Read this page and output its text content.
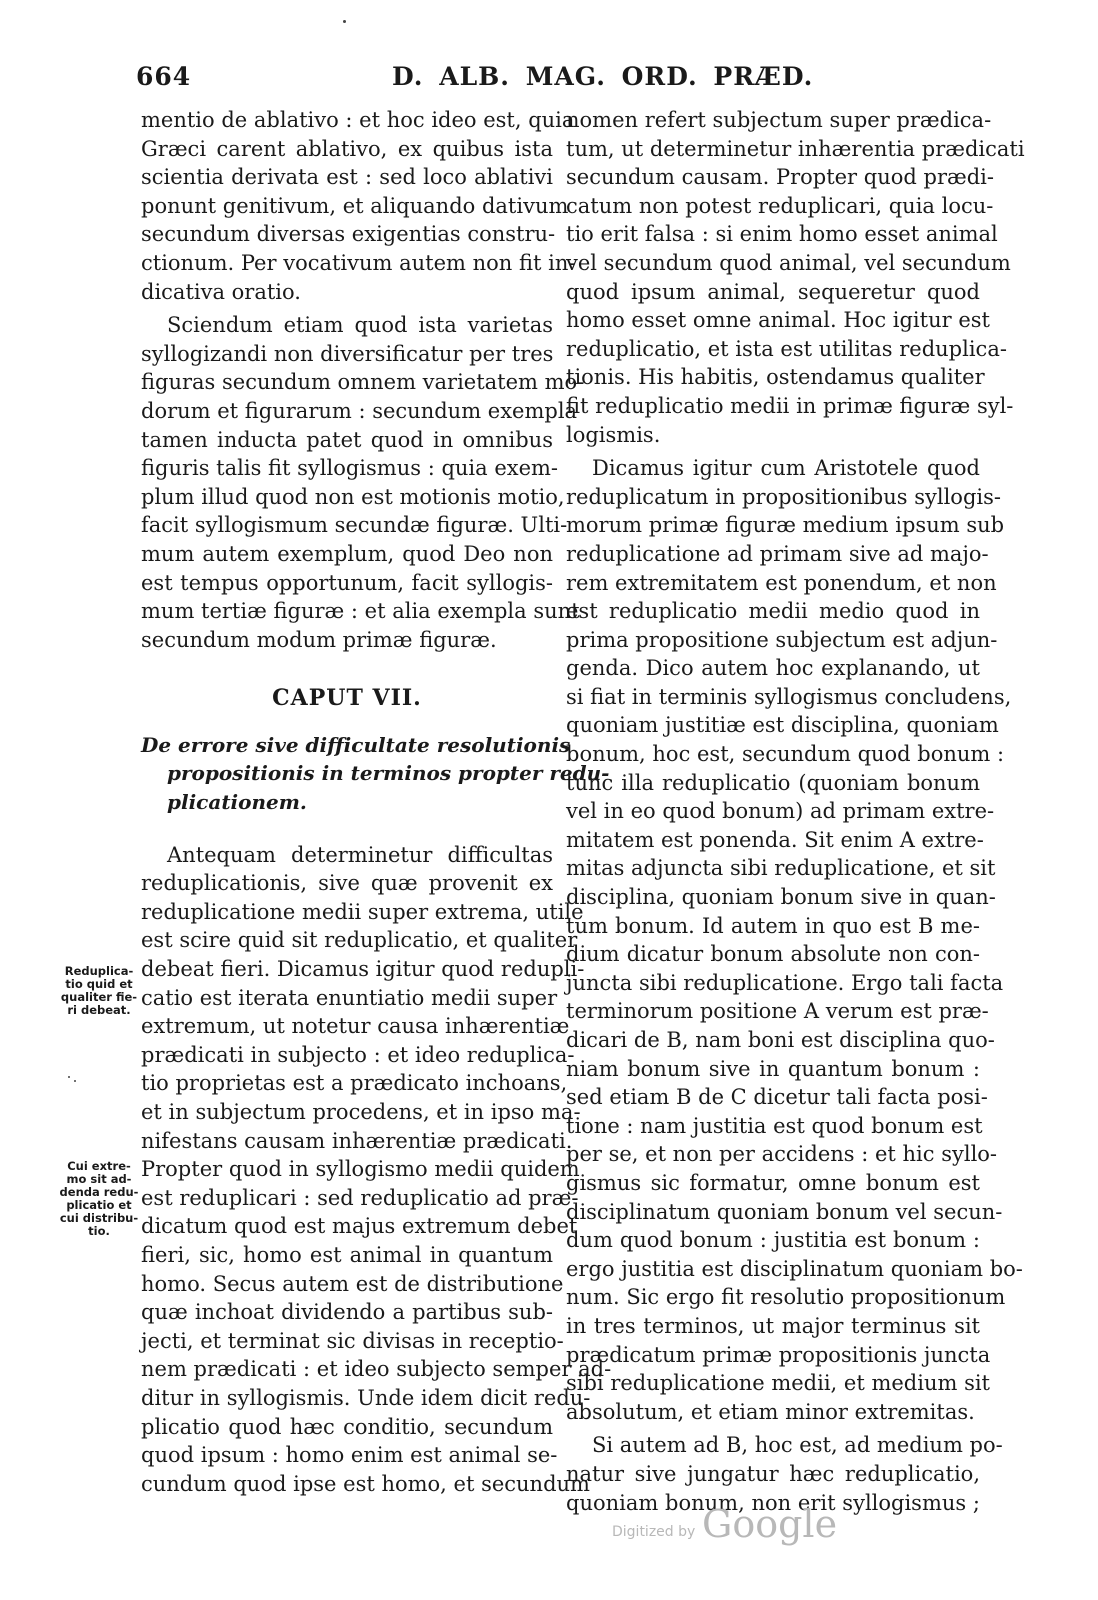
664	D. ALB. MAG. ORD. PRÆD.
mentio de ablativo : et hoc ideo est, quia
Græci carent ablativo, ex quibus ista
scientia derivata est : sed loco ablativi
ponunt genitivum, et aliquando dativum
secundum diversas exigentias constru-
ctionum. Per vocativum autem non fit in-
dicativa oratio.
Sciendum etiam quod ista varietas
syllogizandi non diversificatur per tres
figuras secundum omnem varietatem mo-
dorum et figurarum : secundum exempla
tamen inducta patet quod in omnibus
figuris talis fit syllogismus : quia exem-
plum illud quod non est motionis motio,
facit syllogismum secundæ figuræ. Ulti-
mum autem exemplum, quod Deo non
est tempus opportunum, facit syllogis-
mum tertiæ figuræ : et alia exempla sunt
secundum modum primæ figuræ.
CAPUT VII.
De errore sive difficultate resolutionis
propositionis in terminos propter redu-
plicationem.
Antequam determinetur difficultas
reduplicationis, sive quæ provenit ex
reduplicatione medii super extrema, utile
est scire quid sit reduplicatio, et qualiter
debeat fieri. Dicamus igitur quod redupli-
catio est iterata enuntiatio medii super
extremum, ut notetur causa inhærentiæ
prædicati in subjecto : et ideo reduplica-
tio proprietas est a prædicato inchoans,
et in subjectum procedens, et in ipso ma-
nifestans causam inhærentiæ prædicati.
Propter quod in syllogismo medii quidem
est reduplicari : sed reduplicatio ad præ-
dicatum quod est majus extremum debet
fieri, sic, homo est animal in quantum
homo. Secus autem est de distributione
quæ inchoat dividendo a partibus sub-
jecti, et terminat sic divisas in receptio-
nem prædicati : et ideo subjecto semper ad-
ditur in syllogismis. Unde idem dicit redu-
plicatio quod hæc conditio, secundum
quod ipsum : homo enim est animal se-
cundum quod ipse est homo, et secundum
nomen refert subjectum super prædica-
tum, ut determinetur inhærentia prædicati
secundum causam. Propter quod prædi-
catum non potest reduplicari, quia locu-
tio erit falsa : si enim homo esset animal
vel secundum quod animal, vel secundum
quod ipsum animal, sequeretur quod
homo esset omne animal. Hoc igitur est
reduplicatio, et ista est utilitas reduplica-
tionis. His habitis, ostendamus qualiter
fit reduplicatio medii in primæ figuræ syl-
logismis.
Dicamus igitur cum Aristotele quod
reduplicatum in propositionibus syllogis-
morum primæ figuræ medium ipsum sub
reduplicatione ad primam sive ad majo-
rem extremitatem est ponendum, et non
est reduplicatio medii medio quod in
prima propositione subjectum est adjun-
genda. Dico autem hoc explanando, ut
si fiat in terminis syllogismus concludens,
quoniam justitiæ est disciplina, quoniam
bonum, hoc est, secundum quod bonum :
tunc illa reduplicatio (quoniam bonum
vel in eo quod bonum) ad primam extre-
mitatem est ponenda. Sit enim A extre-
mitas adjuncta sibi reduplicatione, et sit
disciplina, quoniam bonum sive in quan-
tum bonum. Id autem in quo est B me-
dium dicatur bonum absolute non con-
juncta sibi reduplicatione. Ergo tali facta
terminorum positione A verum est præ-
dicari de B, nam boni est disciplina quo-
niam bonum sive in quantum bonum :
sed etiam B de C dicetur tali facta posi-
tione : nam justitia est quod bonum est
per se, et non per accidens : et hic syllo-
gismus sic formatur, omne bonum est
disciplinatum quoniam bonum vel secun-
dum quod bonum : justitia est bonum :
ergo justitia est disciplinatum quoniam bo-
num. Sic ergo fit resolutio propositionum
in tres terminos, ut major terminus sit
prædicatum primæ propositionis juncta
sibi reduplicatione medii, et medium sit
absolutum, et etiam minor extremitas.
Si autem ad B, hoc est, ad medium po-
natur sive jungatur hæc reduplicatio,
quoniam bonum, non erit syllogismus ;
Reduplica-
tio quid et
qualiter fie-
ri debeat.
Cui extre-
mo sit ad-
denda redu-
plicatio et
cui distribu-
tio.
Digitized by Google
